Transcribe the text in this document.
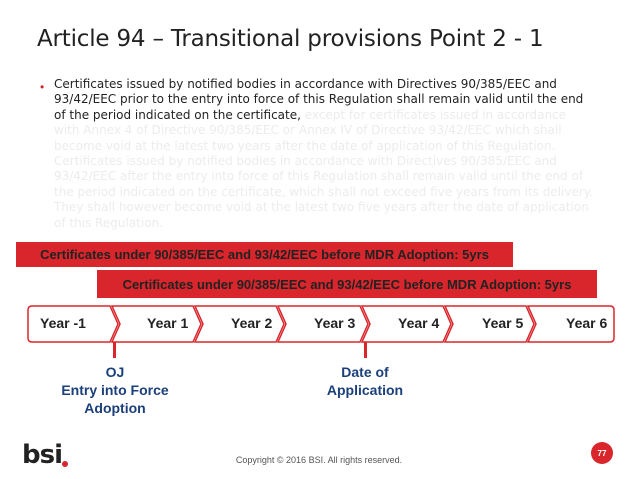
Article 94 – Transitional provisions Point 2 - 1
• Certificates issued by notified bodies in accordance with Directives 90/385/EEC and 93/42/EEC prior to the entry into force of this Regulation shall remain valid until the end of the period indicated on the certificate, except for certificates issued in accordance with Annex 4 of Directive 90/385/EEC or Annex IV of Directive 93/42/EEC which shall become void at the latest two years after the date of application of this Regulation. Certificates issued by notified bodies in accordance with Directives 90/385/EEC and 93/42/EEC after the entry into force of this Regulation shall remain valid until the end of the period indicated on the certificate, which shall not exceed five years from its delivery. They shall however become void at the latest two five years after the date of application of this Regulation.
Certificates under 90/385/EEC and 93/42/EEC before MDR Adoption: 5yrs
Certificates under 90/385/EEC and 93/42/EEC before MDR Adoption: 5yrs
Year -1	Year 1	Year 2	Year 3	Year 4	Year 5	Year 6
OJ
Entry into Force
Adoption
Date of
Application
bsi	Copyright © 2016 BSI. All rights reserved.
77
